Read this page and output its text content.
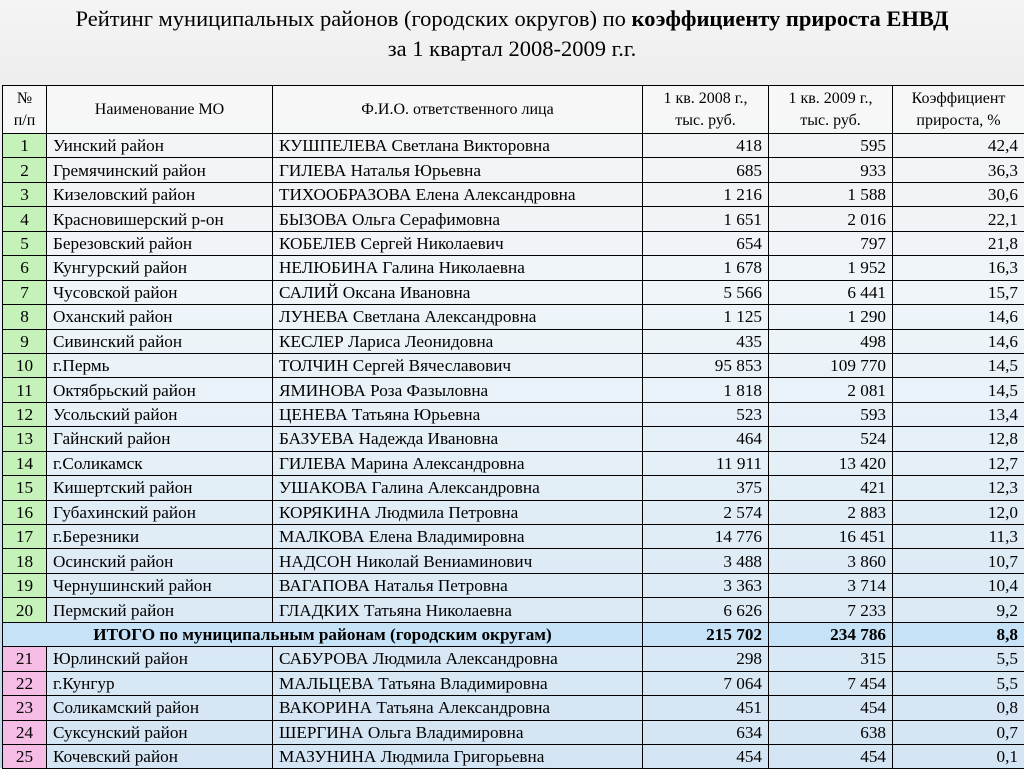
Рейтинг муниципальных районов (городских округов) по коэффициенту прироста ЕНВД
за 1 квартал 2008-2009 г.г.
№ п/п	Наименование МО	Ф.И.О. ответственного лица	1 кв. 2008 г., тыс. руб.	1 кв. 2009 г., тыс. руб.	Коэффициент прироста, %
1	Уинский район	КУШПЕЛЕВА Светлана Викторовна	418	595	42,4
2	Гремячинский район	ГИЛЕВА Наталья Юрьевна	685	933	36,3
3	Кизеловский район	ТИХООБРАЗОВА Елена Александровна	1 216	1 588	30,6
4	Красновишерский р-он	БЫЗОВА Ольга Серафимовна	1 651	2 016	22,1
5	Березовский район	КОБЕЛЕВ Сергей Николаевич	654	797	21,8
6	Кунгурский район	НЕЛЮБИНА Галина Николаевна	1 678	1 952	16,3
7	Чусовской район	САЛИЙ Оксана Ивановна	5 566	6 441	15,7
8	Оханский район	ЛУНЕВА Светлана Александровна	1 125	1 290	14,6
9	Сивинский район	КЕСЛЕР Лариса Леонидовна	435	498	14,6
10	г.Пермь	ТОЛЧИН Сергей Вячеславович	95 853	109 770	14,5
11	Октябрьский район	ЯМИНОВА Роза Фазыловна	1 818	2 081	14,5
12	Усольский район	ЦЕНЕВА Татьяна Юрьевна	523	593	13,4
13	Гайнский район	БАЗУЕВА Надежда Ивановна	464	524	12,8
14	г.Соликамск	ГИЛЕВА Марина Александровна	11 911	13 420	12,7
15	Кишертский район	УШАКОВА Галина Александровна	375	421	12,3
16	Губахинский район	КОРЯКИНА Людмила Петровна	2 574	2 883	12,0
17	г.Березники	МАЛКОВА Елена Владимировна	14 776	16 451	11,3
18	Осинский район	НАДСОН Николай Вениаминович	3 488	3 860	10,7
19	Чернушинский район	ВАГАПОВА Наталья Петровна	3 363	3 714	10,4
20	Пермский район	ГЛАДКИХ Татьяна Николаевна	6 626	7 233	9,2
ИТОГО по муниципальным районам (городским округам)			215 702	234 786	8,8
21	Юрлинский район	САБУРОВА Людмила Александровна	298	315	5,5
22	г.Кунгур	МАЛЬЦЕВА Татьяна Владимировна	7 064	7 454	5,5
23	Соликамский район	ВАКОРИНА Татьяна Александровна	451	454	0,8
24	Суксунский район	ШЕРГИНА Ольга Владимировна	634	638	0,7
25	Кочевский район	МАЗУНИНА Людмила Григорьевна	454	454	0,1
